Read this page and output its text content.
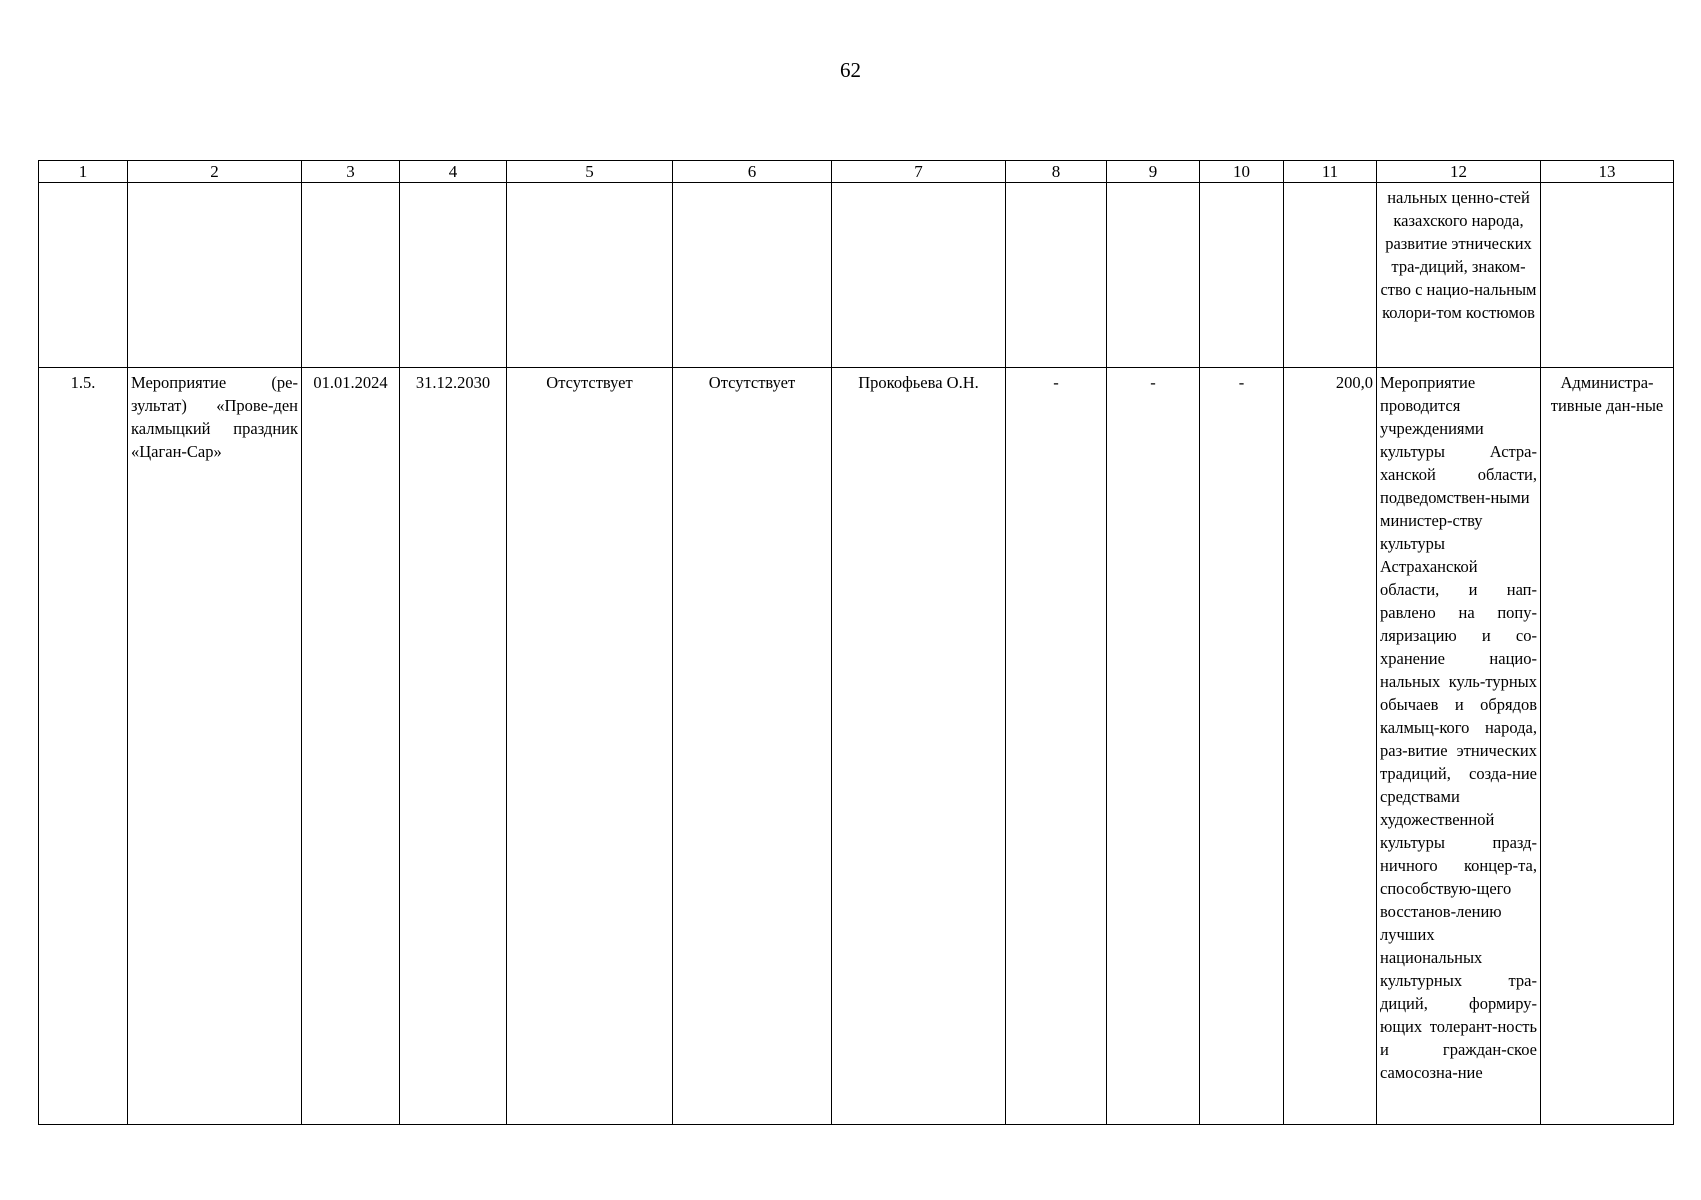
62
1	2	3	4	5	6	7	8	9	10	11	12	13
											нальных ценно-стей казахского народа, развитие этнических тра-диций, знаком-ство с нацио-нальным колори-том костюмов	
1.5.	Мероприятие (ре-зультат) «Прове-ден калмыцкий праздник «Цаган-Сар»	01.01.2024	31.12.2030	Отсутствует	Отсутствует	Прокофьева О.Н.	-	-	-	200,0	Мероприятие проводится учреждениями культуры Астра-ханской области, подведомствен-ными министер-ству культуры Астраханской области, и нап-равлено на попу-ляризацию и со-хранение нацио-нальных куль-турных обычаев и обрядов калмыц-кого народа, раз-витие этнических традиций, созда-ние средствами художественной культуры празд-ничного концер-та, способствую-щего восстанов-лению лучших национальных культурных тра-диций, формиру-ющих толерант-ность и граждан-ское самосозна-ние	Администра-тивные дан-ные
